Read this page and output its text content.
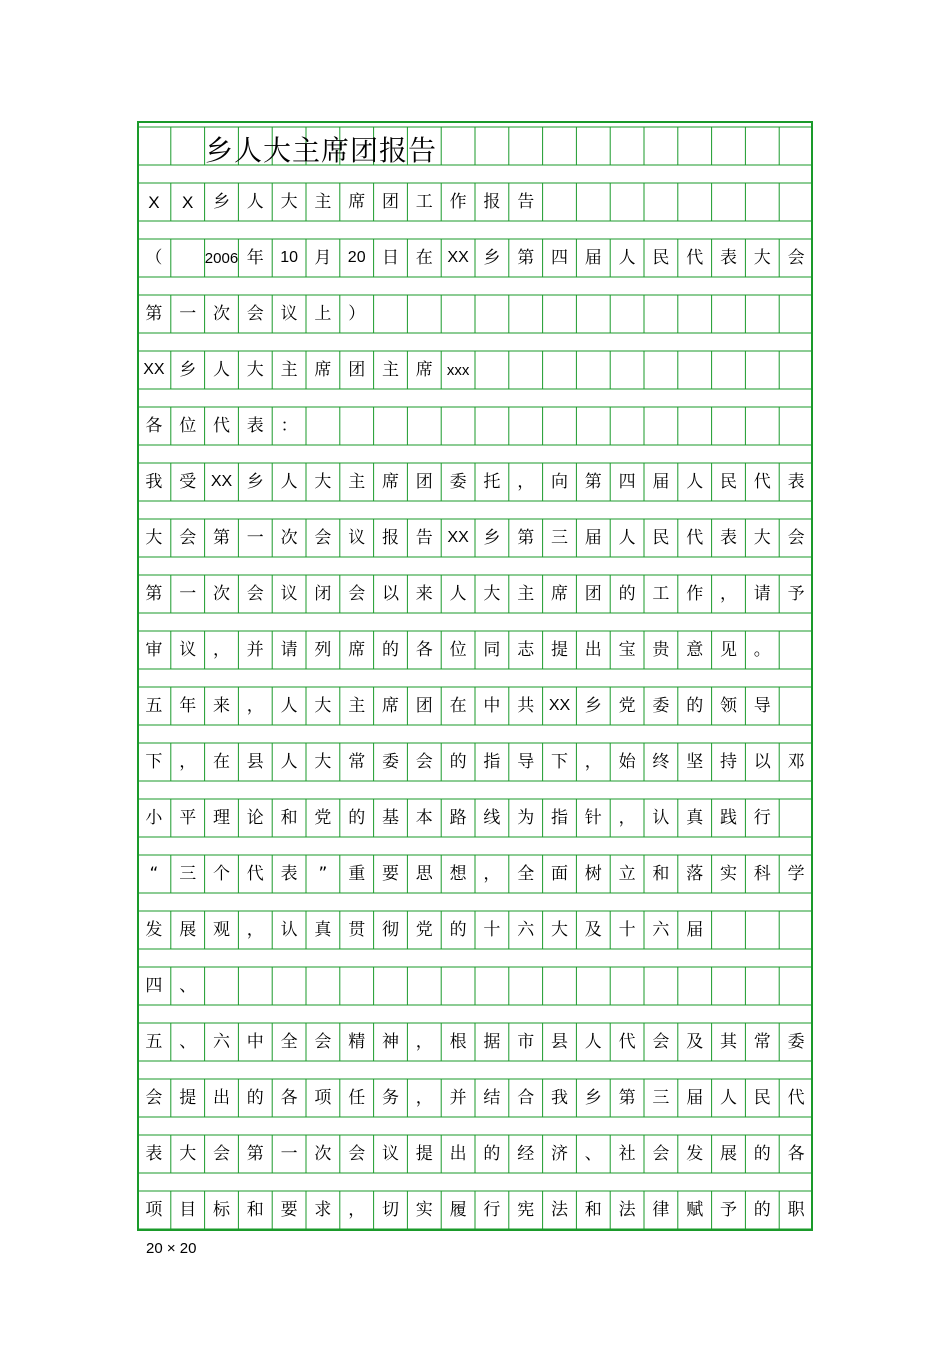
X	X	乡 人 大 主 席 团 工 作 报 告
（	2006 年	10 月	20 日 在 XX 乡 第 四 届 人 民 代 表 大 会
第 一 次 会 议 上 ）
XX 乡 人 大 主 席 团 主 席 xxx
各 位 代 表 ：
我 受 XX 乡 人 大 主 席 团 委 托 ， 向 第 四 届 人 民 代 表
大 会 第 一 次 会 议 报 告 XX 乡 第 三 届 人 民 代 表 大 会
第 一 次 会 议 闭 会 以 来 人 大 主 席 团 的 工 作 ， 请 予
审 议 ， 并 请 列 席 的 各 位 同 志 提 出 宝 贵 意 见 。
五 年 来 ， 人 大 主 席 团 在 中 共 XX 乡 党 委 的 领 导
下 ， 在 县 人 大 常 委 会 的 指 导 下 ， 始 终 坚 持 以 邓
小 平 理 论 和 党 的 基 本 路 线 为 指 针 ， 认 真 践 行
“	三 个 代 表	”	重 要 思 想 ， 全 面 树 立 和 落 实 科 学
发 展 观 ， 认 真 贯 彻 党 的 十 六 大 及 十 六 届
四 、
五 、 六 中 全 会 精 神 ， 根 据 市 县 人 代 会 及 其 常 委
会 提 出 的 各 项 任 务 ， 并 结 合 我 乡 第 三 届 人 民 代
表 大 会 第 一 次 会 议 提 出 的 经 济 、 社 会 发 展 的 各
项 目 标 和 要 求 ， 切 实 履 行 宪 法 和 法 律 赋 予 的 职
乡人大主席团报告
20 × 20
